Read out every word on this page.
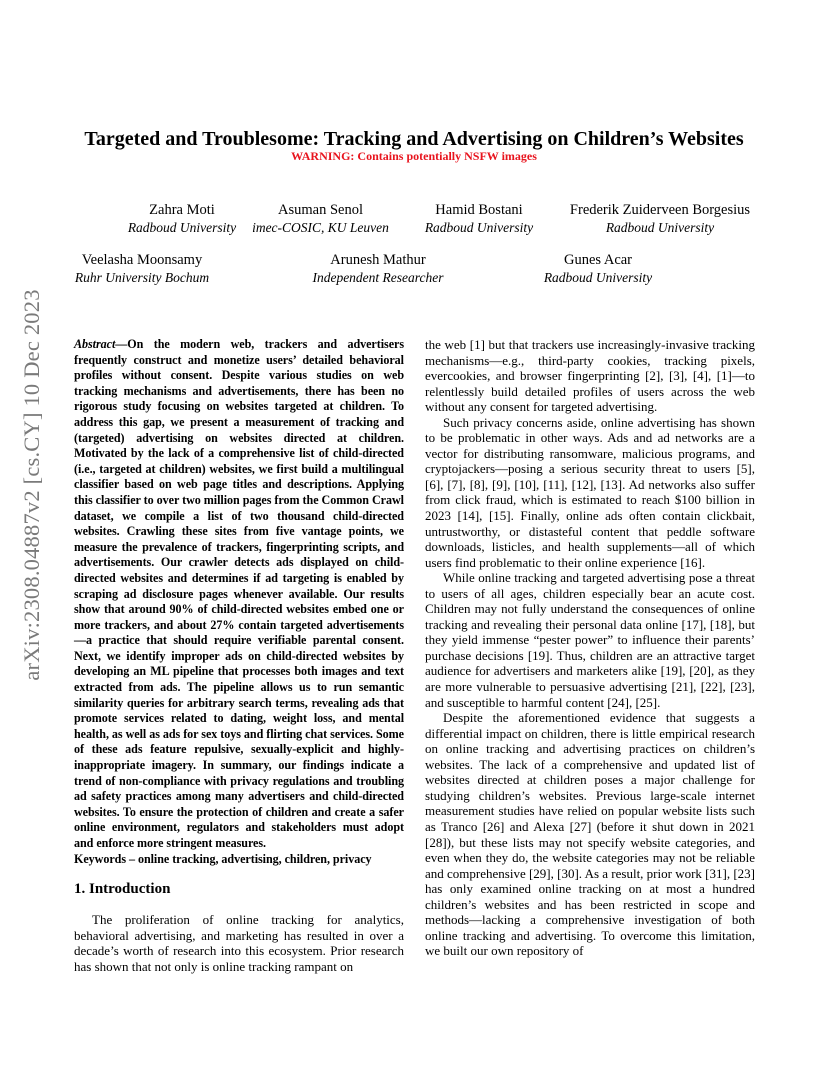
arXiv:2308.04887v2 [cs.CY] 10 Dec 2023
Targeted and Troublesome: Tracking and Advertising on Children’s Websites
WARNING: Contains potentially NSFW images
Zahra Moti
Radboud University
Asuman Senol
imec-COSIC, KU Leuven
Hamid Bostani
Radboud University
Frederik Zuiderveen Borgesius
Radboud University
Veelasha Moonsamy
Ruhr University Bochum
Arunesh Mathur
Independent Researcher
Gunes Acar
Radboud University

Abstract—On the modern web, trackers and advertisers frequently construct and monetize users’ detailed behavioral profiles without consent. Despite various studies on web tracking mechanisms and advertisements, there has been no rigorous study focusing on websites targeted at children. To address this gap, we present a measurement of tracking and (targeted) advertising on websites directed at children. Motivated by the lack of a comprehensive list of child-directed (i.e., targeted at children) websites, we first build a multilingual classifier based on web page titles and descriptions. Applying this classifier to over two million pages from the Common Crawl dataset, we compile a list of two thousand child-directed websites. Crawling these sites from five vantage points, we measure the prevalence of trackers, fingerprinting scripts, and advertisements. Our crawler detects ads displayed on child-directed websites and determines if ad targeting is enabled by scraping ad disclosure pages whenever available. Our results show that around 90% of child-directed websites embed one or more trackers, and about 27% contain targeted advertisements—a practice that should require verifiable parental consent. Next, we identify improper ads on child-directed websites by developing an ML pipeline that processes both images and text extracted from ads. The pipeline allows us to run semantic similarity queries for arbitrary search terms, revealing ads that promote services related to dating, weight loss, and mental health, as well as ads for sex toys and flirting chat services. Some of these ads feature repulsive, sexually-explicit and highly-inappropriate imagery. In summary, our findings indicate a trend of non-compliance with privacy regulations and troubling ad safety practices among many advertisers and child-directed websites. To ensure the protection of children and create a safer online environment, regulators and stakeholders must adopt and enforce more stringent measures.

Keywords – online tracking, advertising, children, privacy

1. Introduction

The proliferation of online tracking for analytics, behavioral advertising, and marketing has resulted in over a decade’s worth of research into this ecosystem. Prior research has shown that not only is online tracking rampant on

the web [1] but that trackers use increasingly-invasive tracking mechanisms—e.g., third-party cookies, tracking pixels, evercookies, and browser fingerprinting [2], [3], [4], [1]—to relentlessly build detailed profiles of users across the web without any consent for targeted advertising.

Such privacy concerns aside, online advertising has shown to be problematic in other ways. Ads and ad networks are a vector for distributing ransomware, malicious programs, and cryptojackers—posing a serious security threat to users [5], [6], [7], [8], [9], [10], [11], [12], [13]. Ad networks also suffer from click fraud, which is estimated to reach $100 billion in 2023 [14], [15]. Finally, online ads often contain clickbait, untrustworthy, or distasteful content that peddle software downloads, listicles, and health supplements—all of which users find problematic to their online experience [16].

While online tracking and targeted advertising pose a threat to users of all ages, children especially bear an acute cost. Children may not fully understand the consequences of online tracking and revealing their personal data online [17], [18], but they yield immense “pester power” to influence their parents’ purchase decisions [19]. Thus, children are an attractive target audience for advertisers and marketers alike [19], [20], as they are more vulnerable to persuasive advertising [21], [22], [23], and susceptible to harmful content [24], [25].

Despite the aforementioned evidence that suggests a differential impact on children, there is little empirical research on online tracking and advertising practices on children’s websites. The lack of a comprehensive and updated list of websites directed at children poses a major challenge for studying children’s websites. Previous large-scale internet measurement studies have relied on popular website lists such as Tranco [26] and Alexa [27] (before it shut down in 2021 [28]), but these lists may not specify website categories, and even when they do, the website categories may not be reliable and comprehensive [29], [30]. As a result, prior work [31], [23] has only examined online tracking on at most a hundred children’s websites and has been restricted in scope and methods—lacking a comprehensive investigation of both online tracking and advertising. To overcome this limitation, we built our own repository of
